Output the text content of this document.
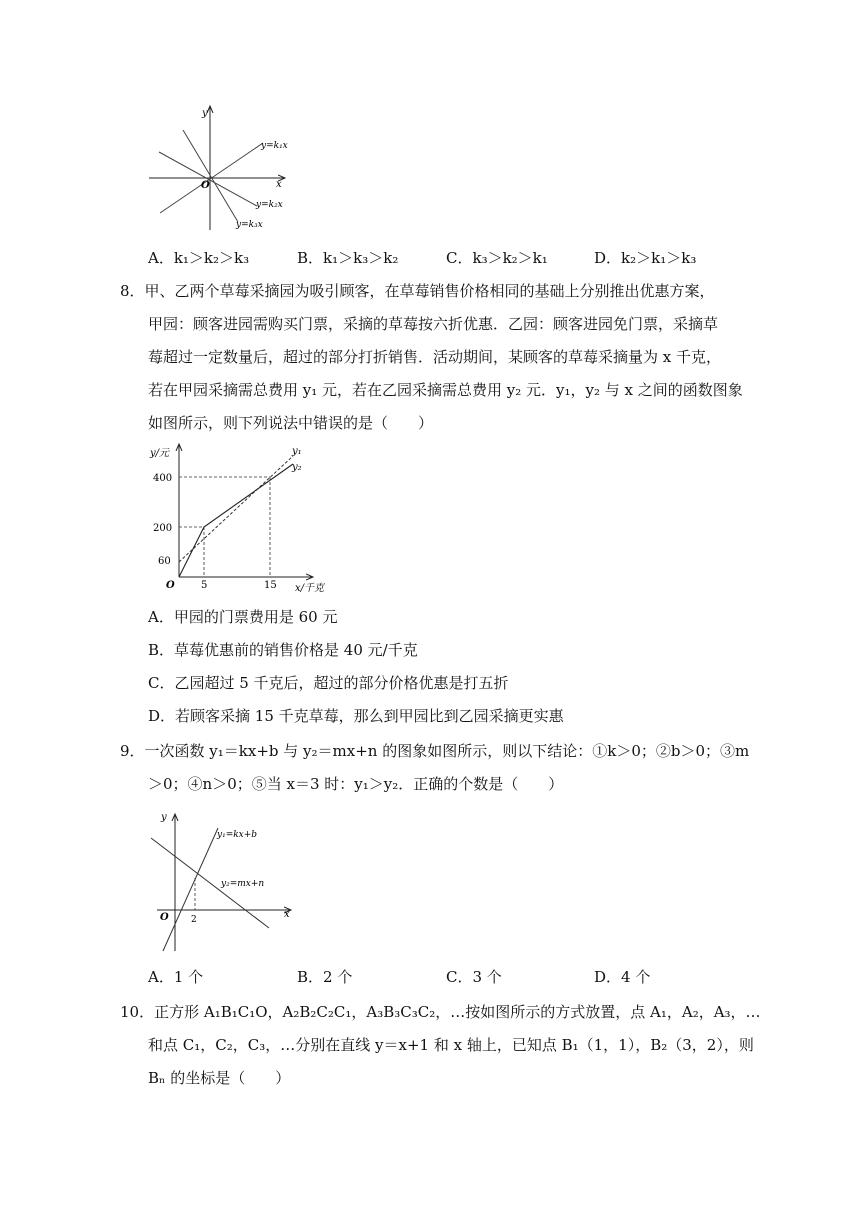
y
x
O
y=k₁x
y=k₂x
y=k₃x
A．k₁＞k₂＞k₃	B．k₁＞k₃＞k₂	C．k₃＞k₂＞k₁	D．k₂＞k₁＞k₃
8．甲、乙两个草莓采摘园为吸引顾客，在草莓销售价格相同的基础上分别推出优惠方案，
甲园：顾客进园需购买门票，采摘的草莓按六折优惠．乙园：顾客进园免门票，采摘草
莓超过一定数量后，超过的部分打折销售．活动期间，某顾客的草莓采摘量为 x 千克，
若在甲园采摘需总费用 y₁ 元，若在乙园采摘需总费用 y₂ 元．y₁，y₂ 与 x 之间的函数图象
如图所示，则下列说法中错误的是（　　）
y/元
x/千克
O
400
200
60
5	15
y₁
y₂
A．甲园的门票费用是 60 元
B．草莓优惠前的销售价格是 40 元/千克
C．乙园超过 5 千克后，超过的部分价格优惠是打五折
D．若顾客采摘 15 千克草莓，那么到甲园比到乙园采摘更实惠
9．一次函数 y₁＝kx+b 与 y₂＝mx+n 的图象如图所示，则以下结论：①k＞0；②b＞0；③m
＞0；④n＞0；⑤当 x＝3 时：y₁＞y₂．正确的个数是（　　）
y
x
O 2
y₁=kx+b
y₂=mx+n
A．1 个	B．2 个	C．3 个	D．4 个
10．正方形 A₁B₁C₁O，A₂B₂C₂C₁，A₃B₃C₃C₂，…按如图所示的方式放置，点 A₁，A₂，A₃，…
和点 C₁，C₂，C₃，…分别在直线 y＝x+1 和 x 轴上，已知点 B₁（1，1），B₂（3，2），则
Bₙ 的坐标是（　　）
